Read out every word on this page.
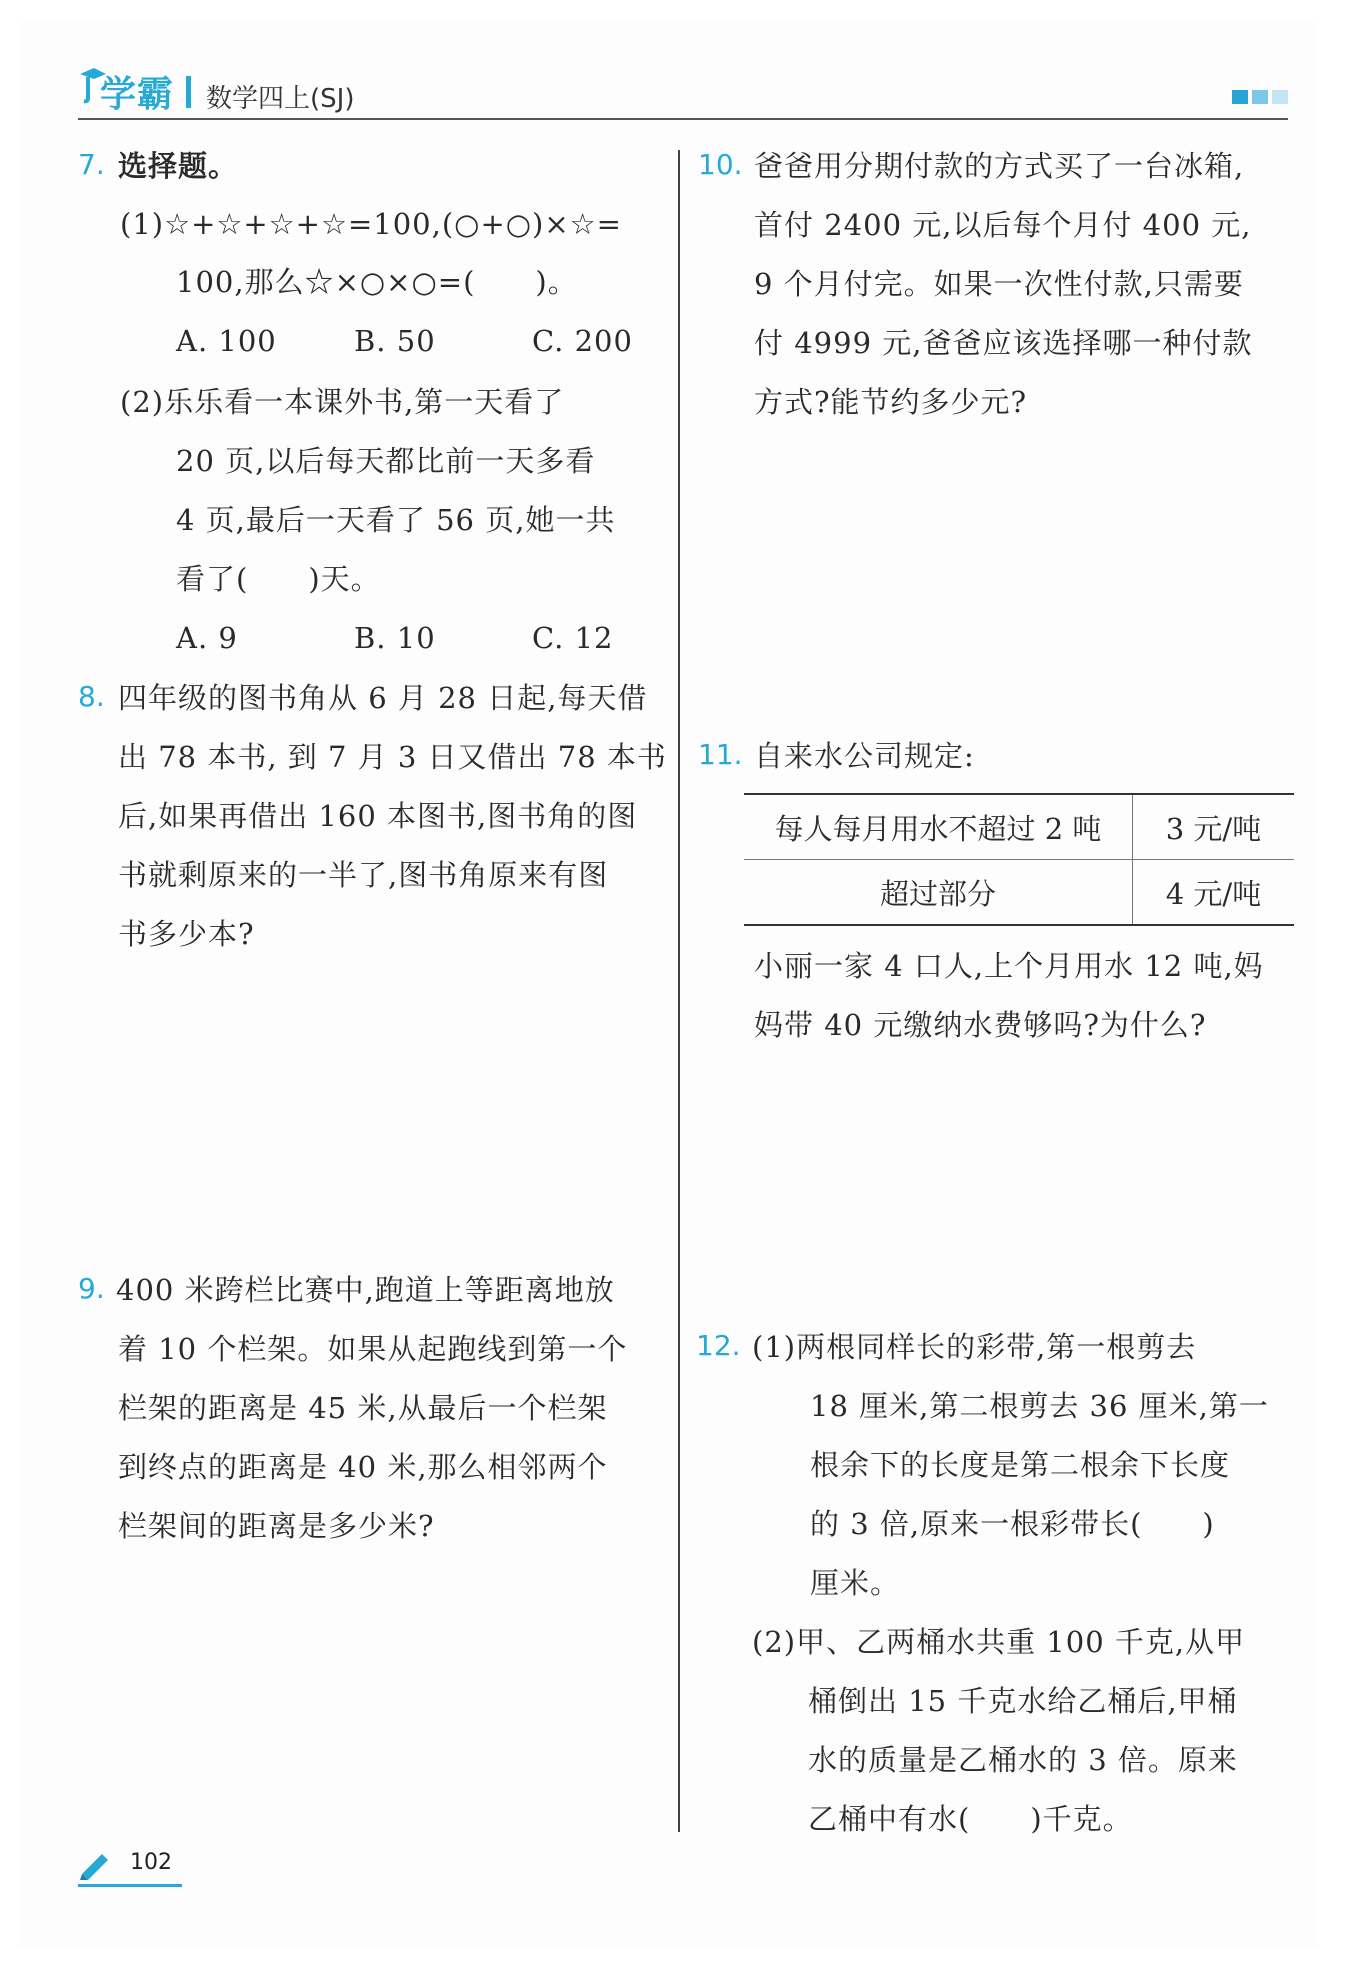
学霸 数学四上(SJ)
7. 选择题。
(1)☆+☆+☆+☆=100,(○+○)×☆=
100,那么☆×○×○=(　　)。
A. 100	B. 50	C. 200
(2)乐乐看一本课外书,第一天看了
20 页,以后每天都比前一天多看
4 页,最后一天看了 56 页,她一共
看了(　　)天。
A. 9	B. 10	C. 12
8. 四年级的图书角从 6 月 28 日起,每天借
出 78 本书, 到 7 月 3 日又借出 78 本书
后,如果再借出 160 本图书,图书角的图
书就剩原来的一半了,图书角原来有图
书多少本?
9. 400 米跨栏比赛中,跑道上等距离地放
着 10 个栏架。如果从起跑线到第一个
栏架的距离是 45 米,从最后一个栏架
到终点的距离是 40 米,那么相邻两个
栏架间的距离是多少米?
10. 爸爸用分期付款的方式买了一台冰箱,
首付 2400 元,以后每个月付 400 元,
9 个月付完。如果一次性付款,只需要
付 4999 元,爸爸应该选择哪一种付款
方式?能节约多少元?
11. 自来水公司规定:
每人每月用水不超过 2 吨	3 元/吨
超过部分	4 元/吨
小丽一家 4 口人,上个月用水 12 吨,妈
妈带 40 元缴纳水费够吗?为什么?
12. (1)两根同样长的彩带,第一根剪去
18 厘米,第二根剪去 36 厘米,第一
根余下的长度是第二根余下长度
的 3 倍,原来一根彩带长(　　)
厘米。
(2)甲、乙两桶水共重 100 千克,从甲
桶倒出 15 千克水给乙桶后,甲桶
水的质量是乙桶水的 3 倍。原来
乙桶中有水(　　)千克。
102
